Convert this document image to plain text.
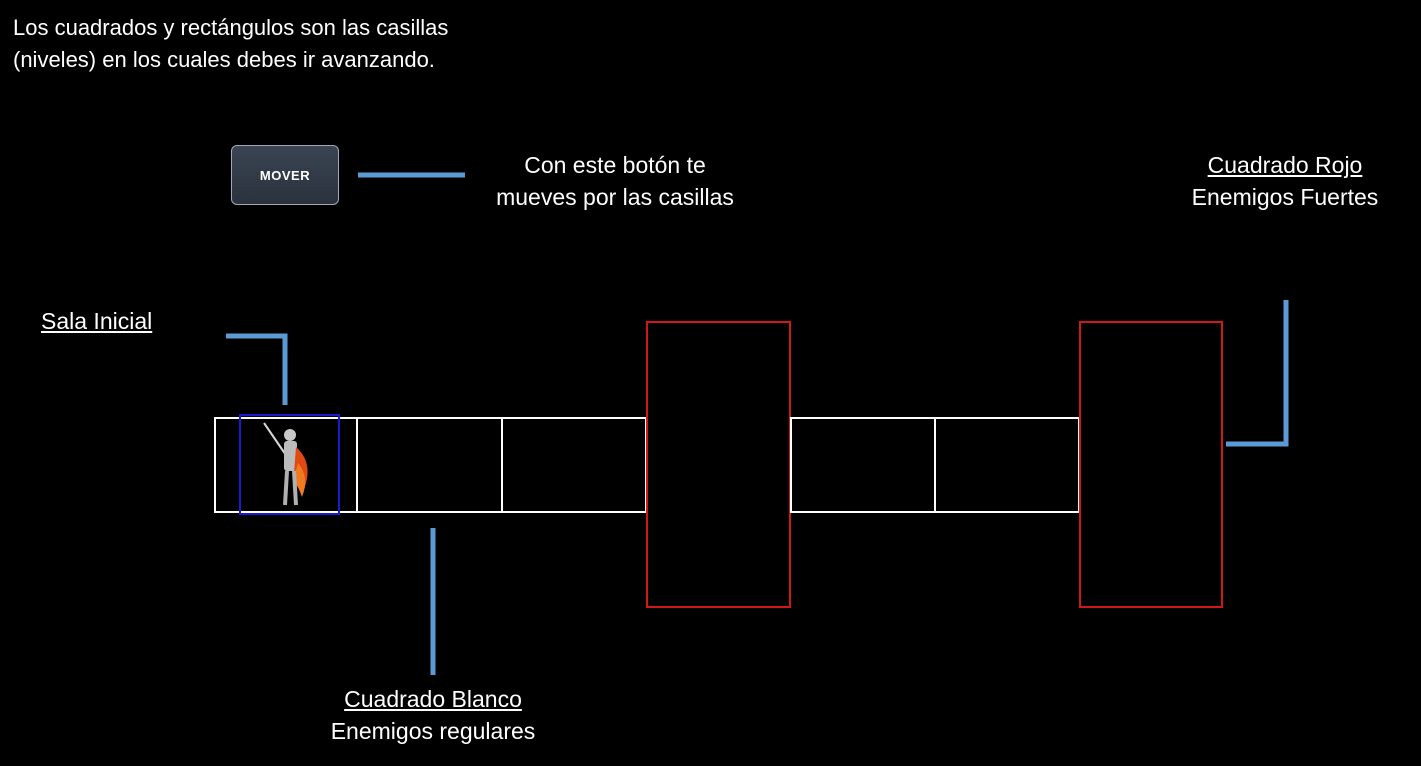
Los cuadrados y rectángulos son las casillas
(niveles) en los cuales debes ir avanzando.

MOVER	Con este botón te
mueves por las casillas
Cuadrado Rojo
Enemigos Fuertes
Sala Inicial
Cuadrado Blanco
Enemigos regulares
